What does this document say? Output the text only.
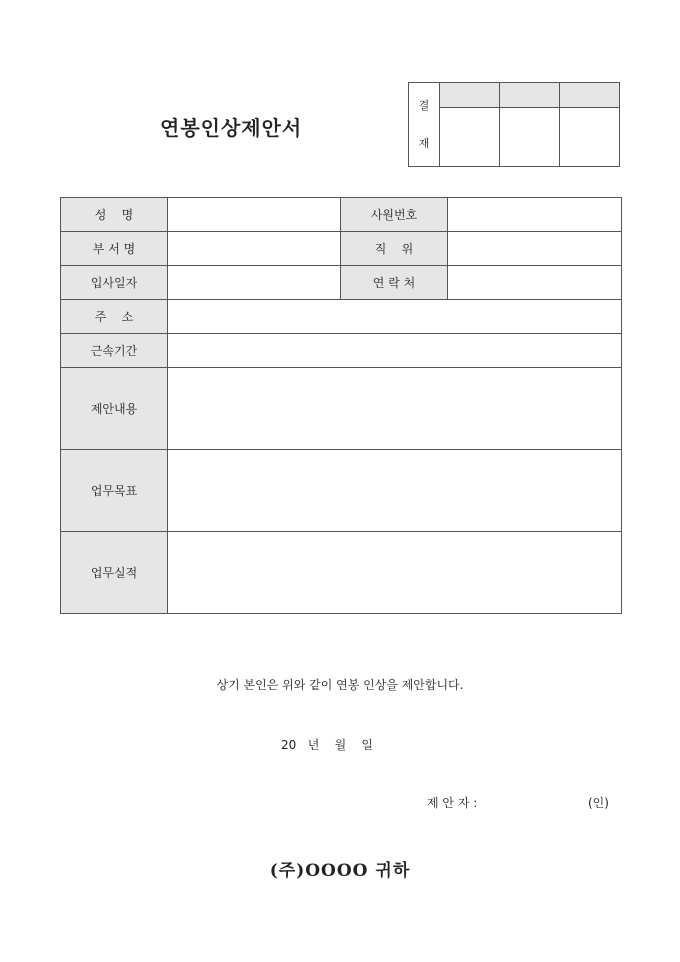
연봉인상제안서
결
재			

성    명		사원번호	
부 서 명		직    위	
입사일자		연 락 처	
주    소			
근속기간			
제안내용			
업무목표			
업무실적			
상기 본인은 위와 같이 연봉 인상을 제안합니다.
20   년    월    일
제 안 자 :	(인)
(주)OOOO 귀하
